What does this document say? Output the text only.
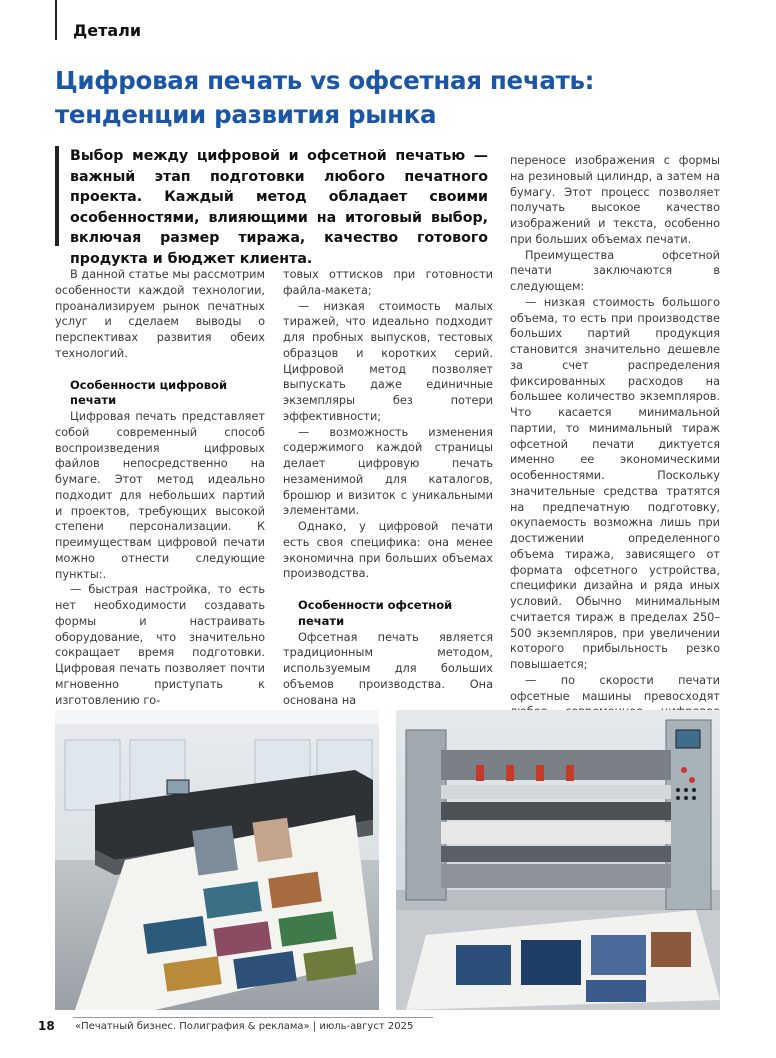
Детали
Цифровая печать vs офсетная печать: тенденции развития рынка
Выбор между цифровой и офсетной печатью — важный этап подготовки любого печатного проекта. Каждый метод обладает своими особенностями, влияющими на итоговый выбор, включая размер тиража, качество готового продукта и бюджет клиента.

В данной статье мы рассмотрим особенности каждой технологии, проанализируем рынок печатных услуг и сделаем выводы о перспективах развития обеих технологий.

Особенности цифровой печати

Цифровая печать представляет собой современный способ воспроизведения цифровых файлов непосредственно на бумаге. Этот метод идеально подходит для небольших партий и проектов, требующих высокой степени персонализации. К преимуществам цифровой печати можно отнести следующие пункты:.

— быстрая настройка, то есть нет необходимости создавать формы и настраивать оборудование, что значительно сокращает время подготовки. Цифровая печать позволяет почти мгновенно приступать к изготовлению го-

товых оттисков при готовности файла-макета;

— низкая стоимость малых тиражей, что идеально подходит для пробных выпусков, тестовых образцов и коротких серий. Цифровой метод позволяет выпускать даже единичные экземпляры без потери эффективности;

— возможность изменения содержимого каждой страницы делает цифровую печать незаменимой для каталогов, брошюр и визиток с уникальными элементами.

Однако, у цифровой печати есть своя специфика: она менее экономична при больших объемах производства.

Особенности офсетной печати

Офсетная печать является традиционным методом, используемым для больших объемов производства. Она основана на

переносе изображения с формы на резиновый цилиндр, а затем на бумагу. Этот процесс позволяет получать высокое качество изображений и текста, особенно при больших объемах печати.

Преимущества офсетной печати заключаются в следующем:

— низкая стоимость большого объема, то есть при производстве больших партий продукция становится значительно дешевле за счет распределения фиксированных расходов на большее количество экземпляров. Что касается минимальной партии, то минимальный тираж офсетной печати диктуется именно ее экономическими особенностями. Поскольку значительные средства тратятся на предпечатную подготовку, окупаемость возможна лишь при достижении определенного объема тиража, зависящего от формата офсетного устройства, специфики дизайна и ряда иных условий. Обычно минимальным считается тираж в пределах 250–500 экземпляров, при увеличении которого прибыльность резко повышается;

— по скорости печати офсетные машины превосходят

18 «Печатный бизнес. Полиграфия & реклама» | июль-август 2025
